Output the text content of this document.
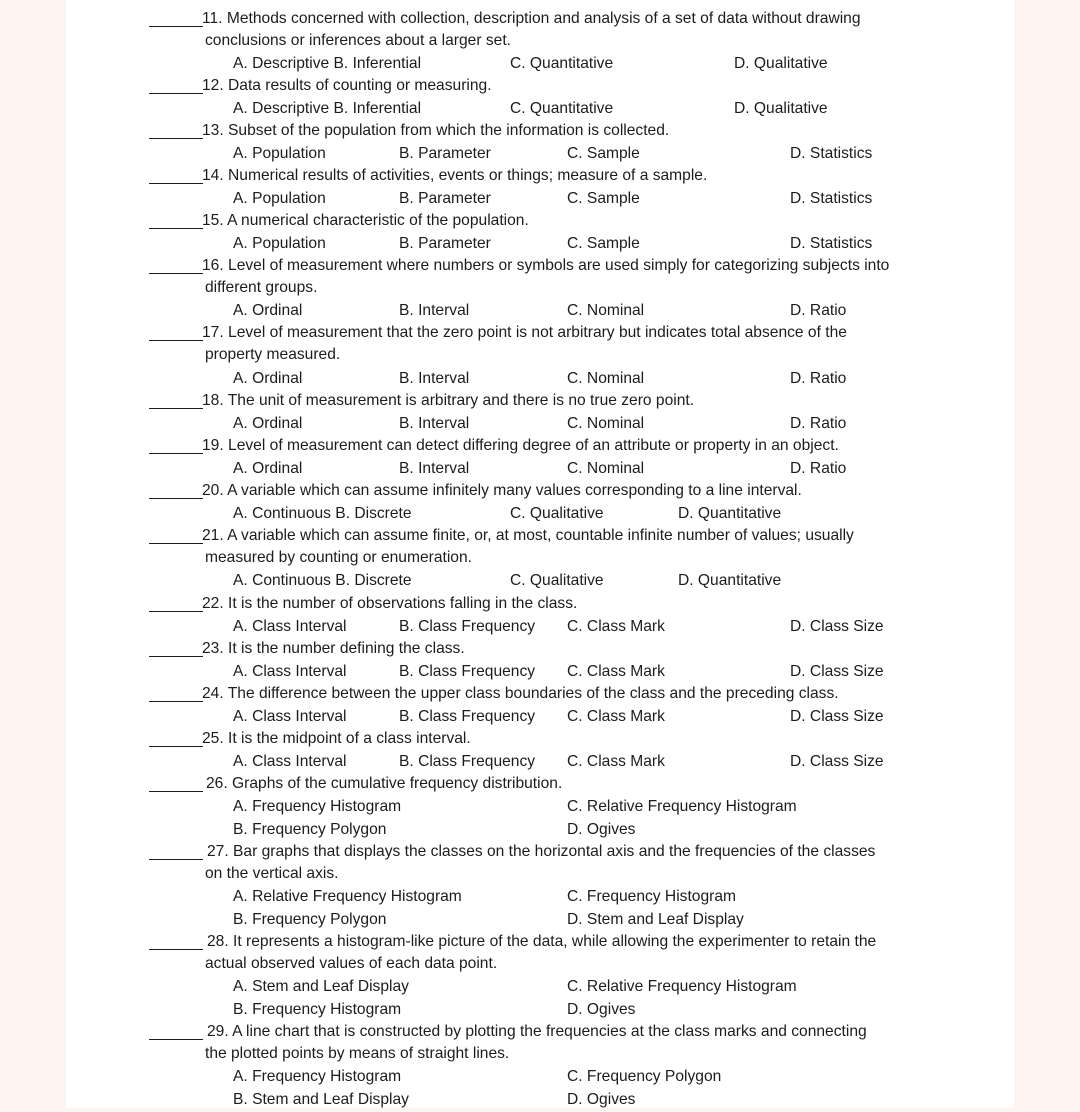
11. Methods concerned with collection, description and analysis of a set of data without drawing
conclusions or inferences about a larger set.
A. Descriptive B. Inferential	C. Quantitative	D. Qualitative
12. Data results of counting or measuring.
A. Descriptive B. Inferential	C. Quantitative	D. Qualitative
13. Subset of the population from which the information is collected.
A. Population	B. Parameter	C. Sample	D. Statistics
14. Numerical results of activities, events or things; measure of a sample.
A. Population	B. Parameter	C. Sample	D. Statistics
15. A numerical characteristic of the population.
A. Population	B. Parameter	C. Sample	D. Statistics
16. Level of measurement where numbers or symbols are used simply for categorizing subjects into
different groups.
A. Ordinal	B. Interval	C. Nominal	D. Ratio
17. Level of measurement that the zero point is not arbitrary but indicates total absence of the
property measured.
A. Ordinal	B. Interval	C. Nominal	D. Ratio
18. The unit of measurement is arbitrary and there is no true zero point.
A. Ordinal	B. Interval	C. Nominal	D. Ratio
19. Level of measurement can detect differing degree of an attribute or property in an object.
A. Ordinal	B. Interval	C. Nominal	D. Ratio
20. A variable which can assume infinitely many values corresponding to a line interval.
A. Continuous B. Discrete	C. Qualitative	D. Quantitative
21. A variable which can assume finite, or, at most, countable infinite number of values; usually
measured by counting or enumeration.
A. Continuous B. Discrete	C. Qualitative	D. Quantitative
22. It is the number of observations falling in the class.
A. Class Interval	B. Class Frequency C. Class Mark	D. Class Size
23. It is the number defining the class.
A. Class Interval	B. Class Frequency C. Class Mark	D. Class Size
24. The difference between the upper class boundaries of the class and the preceding class.
A. Class Interval	B. Class Frequency C. Class Mark	D. Class Size
25. It is the midpoint of a class interval.
A. Class Interval	B. Class Frequency C. Class Mark	D. Class Size
26. Graphs of the cumulative frequency distribution.
A. Frequency Histogram	C. Relative Frequency Histogram
B. Frequency Polygon	D. Ogives
27. Bar graphs that displays the classes on the horizontal axis and the frequencies of the classes
on the vertical axis.
A. Relative Frequency Histogram	C. Frequency Histogram
B. Frequency Polygon	D. Stem and Leaf Display
28. It represents a histogram-like picture of the data, while allowing the experimenter to retain the
actual observed values of each data point.
A. Stem and Leaf Display	C. Relative Frequency Histogram
B. Frequency Histogram	D. Ogives
29. A line chart that is constructed by plotting the frequencies at the class marks and connecting
the plotted points by means of straight lines.
A. Frequency Histogram	C. Frequency Polygon
B. Stem and Leaf Display	D. Ogives
